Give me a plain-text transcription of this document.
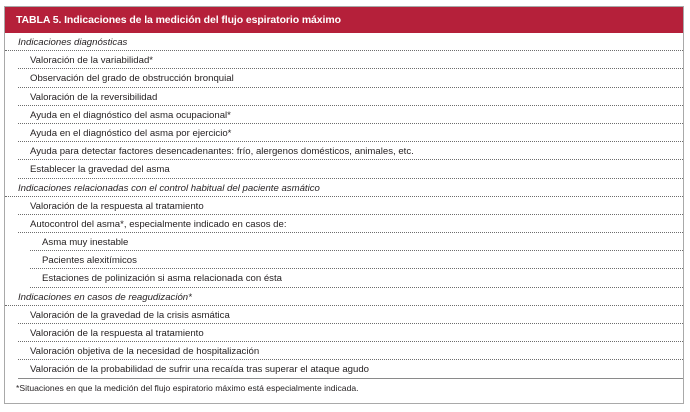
TABLA 5. Indicaciones de la medición del flujo espiratorio máximo
Indicaciones diagnósticas
Valoración de la variabilidad*
Observación del grado de obstrucción bronquial
Valoración de la reversibilidad
Ayuda en el diagnóstico del asma ocupacional*
Ayuda en el diagnóstico del asma por ejercicio*
Ayuda para detectar factores desencadenantes: frío, alergenos domésticos, animales, etc.
Establecer la gravedad del asma
Indicaciones relacionadas con el control habitual del paciente asmático
Valoración de la respuesta al tratamiento
Autocontrol del asma*, especialmente indicado en casos de:
Asma muy inestable
Pacientes alexitímicos
Estaciones de polinización si asma relacionada con ésta
Indicaciones en casos de reagudización*
Valoración de la gravedad de la crisis asmática
Valoración de la respuesta al tratamiento
Valoración objetiva de la necesidad de hospitalización
Valoración de la probabilidad de sufrir una recaída tras superar el ataque agudo
*Situaciones en que la medición del flujo espiratorio máximo está especialmente indicada.
